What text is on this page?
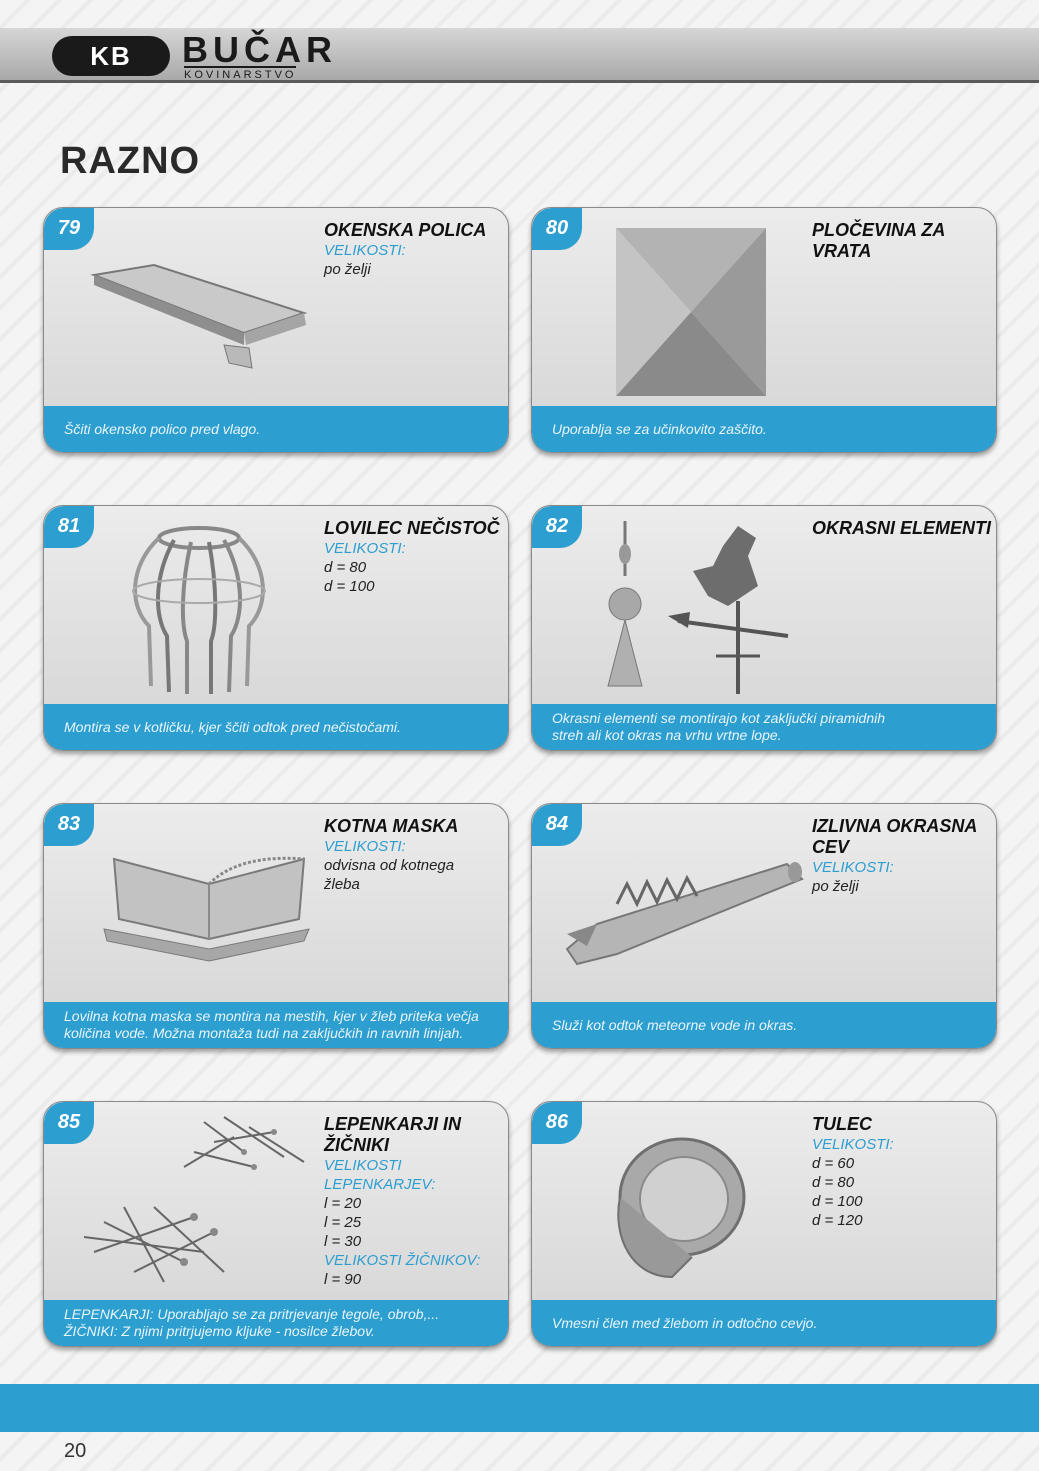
KB	BUČAR
KOVINARSTVO
RAZNO
79	OKENSKA POLICA
VELIKOSTI:
po želji
Ščiti okensko polico pred vlago.
80	PLOČEVINA ZA
VRATA
Uporablja se za učinkovito zaščito.
81	LOVILEC NEČISTOČ
VELIKOSTI:
d = 80
d = 100
Montira se v kotličku, kjer ščiti odtok pred nečistočami.
82	OKRASNI ELEMENTI
Okrasni elementi se montirajo kot zaključki piramidnih
streh ali kot okras na vrhu vrtne lope.
83	KOTNA MASKA
VELIKOSTI:
odvisna od kotnega
žleba
Lovilna kotna maska se montira na mestih, kjer v žleb priteka večja
količina vode. Možna montaža tudi na zaključkih in ravnih linijah.
84	IZLIVNA OKRASNA
CEV
VELIKOSTI:
po želji
Služi kot odtok meteorne vode in okras.
85	LEPENKARJI IN
ŽIČNIKI
VELIKOSTI LEPENKARJEV:
l = 20
l = 25
l = 30
VELIKOSTI ŽIČNIKOV:
l = 90
LEPENKARJI: Uporabljajo se za pritrjevanje tegole, obrob,...
ŽIČNIKI: Z njimi pritrjujemo kljuke - nosilce žlebov.
86	TULEC
VELIKOSTI:
d = 60
d = 80
d = 100
d = 120
Vmesni člen med žlebom in odtočno cevjo.
20
